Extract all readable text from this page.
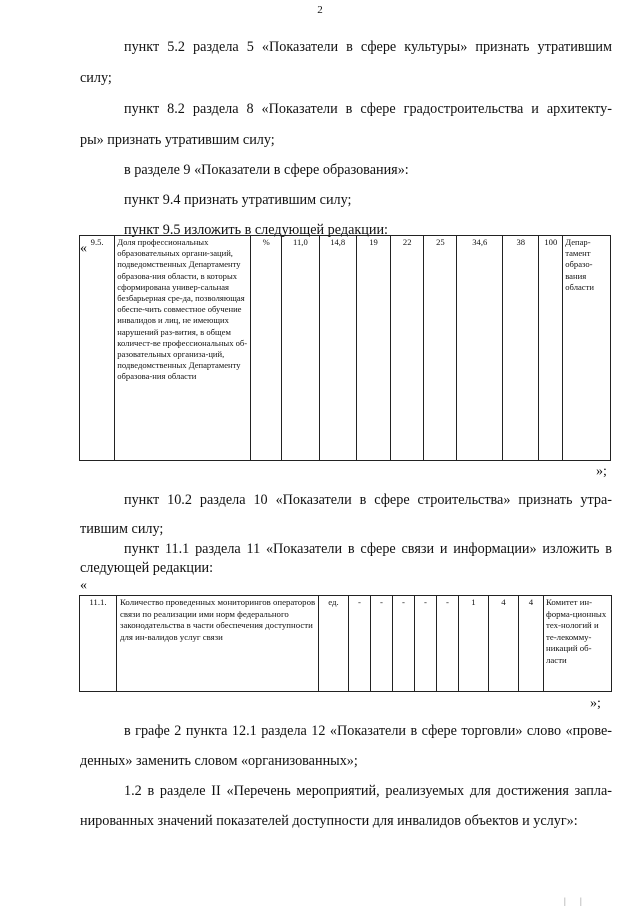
2

пункт 5.2 раздела 5 «Показатели в сфере культуры» признать утратившим

силу;

пункт 8.2 раздела 8 «Показатели в сфере градостроительства и архитекту-

ры» признать утратившим силу;

в разделе 9 «Показатели в сфере образования»:

пункт 9.4 признать утратившим силу;

пункт 9.5 изложить в следующей редакции:

« 9.5.	Доля профессиональных образовательных органи-заций, подведомственных Департаменту образова-ния области, в которых сформирована универ-сальная безбарьерная сре-да, позволяющая обеспе-чить совместное обучение инвалидов и лиц, не имеющих нарушений раз-вития, в общем количест-ве профессиональных об-разовательных организа-ций, подведомственных Департаменту образова-ния области	%	11,0	14,8	19	22	25	34,6	38	100	Депар-тамент образо-вания области
»;

пункт 10.2 раздела 10 «Показатели в сфере строительства» признать утра-

тившим силу;

пункт 11.1 раздела 11 «Показатели в сфере связи и информации» изложить в

следующей редакции:

«
11.1.	Количество проведенных мониторингов операторов связи по реализации ими норм федерального законодательства в части обеспечения доступности для ин-валидов услуг связи	ед.	-	-	-	-	-	1	4	4	Комитет ин-форма-ционных тех-нологий и те-лекомму-никаций об-ласти
»;

в графе 2 пункта 12.1 раздела 12 «Показатели в сфере торговли» слово «прове-

денных» заменить словом «организованных»;

1.2 в разделе II «Перечень мероприятий, реализуемых для достижения запла-

нированных значений показателей доступности для инвалидов объектов и услуг»:

| |
